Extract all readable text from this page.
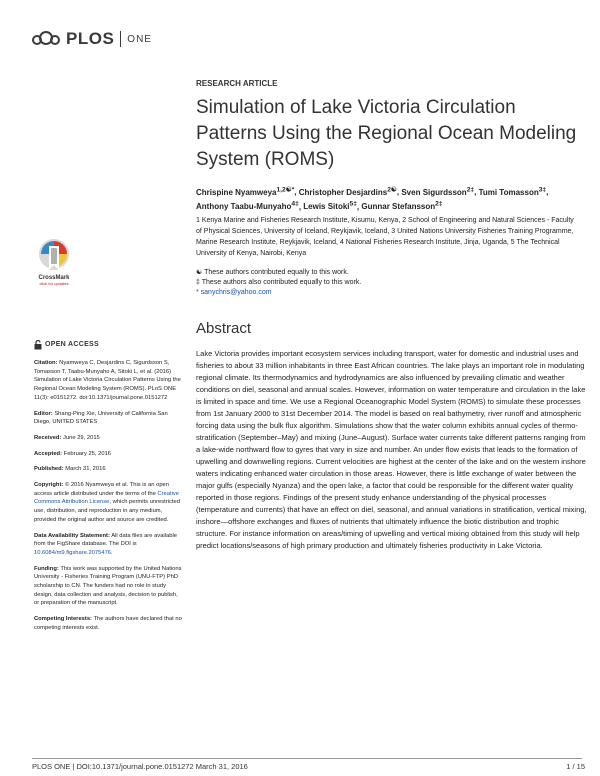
PLOS ONE
RESEARCH ARTICLE
Simulation of Lake Victoria Circulation Patterns Using the Regional Ocean Modeling System (ROMS)
Chrispine Nyamweya$^{1,2☯*}$, Christopher Desjardins$^{2☯}$, Sven Sigurdsson$^{2\ddagger}$, Tumi Tomasson$^{3\ddagger}$, Anthony Taabu-Munyaho$^{4\ddagger}$, Lewis Sitoki$^{5\ddagger}$, Gunnar Stefansson$^{2\ddagger}$
1 Kenya Marine and Fisheries Research Institute, Kisumu, Kenya, 2 School of Engineering and Natural Sciences - Faculty of Physical Sciences, University of Iceland, Reykjavik, Iceland, 3 United Nations University Fisheries Training Programme, Marine Research Institute, Reykjavik, Iceland, 4 National Fisheries Research Institute, Jinja, Uganda, 5 The Technical University of Kenya, Nairobi, Kenya
☯ These authors contributed equally to this work.
‡ These authors also contributed equally to this work.
* sanychris@yahoo.com
CrossMark
click for updates
Abstract

Lake Victoria provides important ecosystem services including transport, water for domestic and industrial uses and fisheries to about 33 million inhabitants in three East African countries. The lake plays an important role in modulating regional climate. Its thermodynamics and hydrodynamics are also influenced by prevailing climatic and weather conditions on diel, seasonal and annual scales. However, information on water temperature and circulation in the lake is limited in space and time. We use a Regional Oceanographic Model System (ROMS) to simulate these processes from 1st January 2000 to 31st December 2014. The model is based on real bathymetry, river runoff and atmospheric forcing data using the bulk flux algorithm. Simulations show that the water column exhibits annual cycles of thermo-stratification (September–May) and mixing (June–August). Surface water currents take different patterns ranging from a lake-wide northward flow to gyres that vary in size and number. An under flow exists that leads to the formation of upwelling and downwelling regions. Current velocities are highest at the center of the lake and on the western inshore waters indicating enhanced water circulation in those areas. However, there is little exchange of water between the major gulfs (especially Nyanza) and the open lake, a factor that could be responsible for the different water quality reported in those regions. Findings of the present study enhance understanding of the physical processes (temperature and currents) that have an effect on diel, seasonal, and annual variations in stratification, vertical mixing, inshore—offshore exchanges and fluxes of nutrients that ultimately influence the biotic distribution and trophic structure. For instance information on areas/timing of upwelling and vertical mixing obtained from this study will help predict locations/seasons of high primary production and ultimately fisheries productivity in Lake Victoria.

OPEN ACCESS
Citation: Nyamweya C, Desjardins C, Sigurdsson S, Tomasson T, Taabu-Munyaho A, Sitoki L, et al. (2016) Simulation of Lake Victoria Circulation Patterns Using the Regional Ocean Modeling System (ROMS). PLoS ONE 11(3): e0151272. doi:10.1371/journal.pone.0151272
Editor: Shang-Ping Xie, University of California San Diego, UNITED STATES
Received: June 29, 2015
Accepted: February 25, 2016
Published: March 31, 2016
Copyright: © 2016 Nyamweya et al. This is an open access article distributed under the terms of the Creative Commons Attribution License, which permits unrestricted use, distribution, and reproduction in any medium, provided the original author and source are credited.
Data Availability Statement: All data files are available from the FigShare database. The DOI is 10.6084/m9.figshare.2075476.
Funding: This work was supported by the United Nations University - Fisheries Training Program (UNU-FTP) PhD scholarship to CN. The funders had no role in study design, data collection and analysis, decision to publish, or preparation of the manuscript.
Competing Interests: The authors have declared that no competing interests exist.
PLOS ONE | DOI:10.1371/journal.pone.0151272 March 31, 2016	1 / 15
